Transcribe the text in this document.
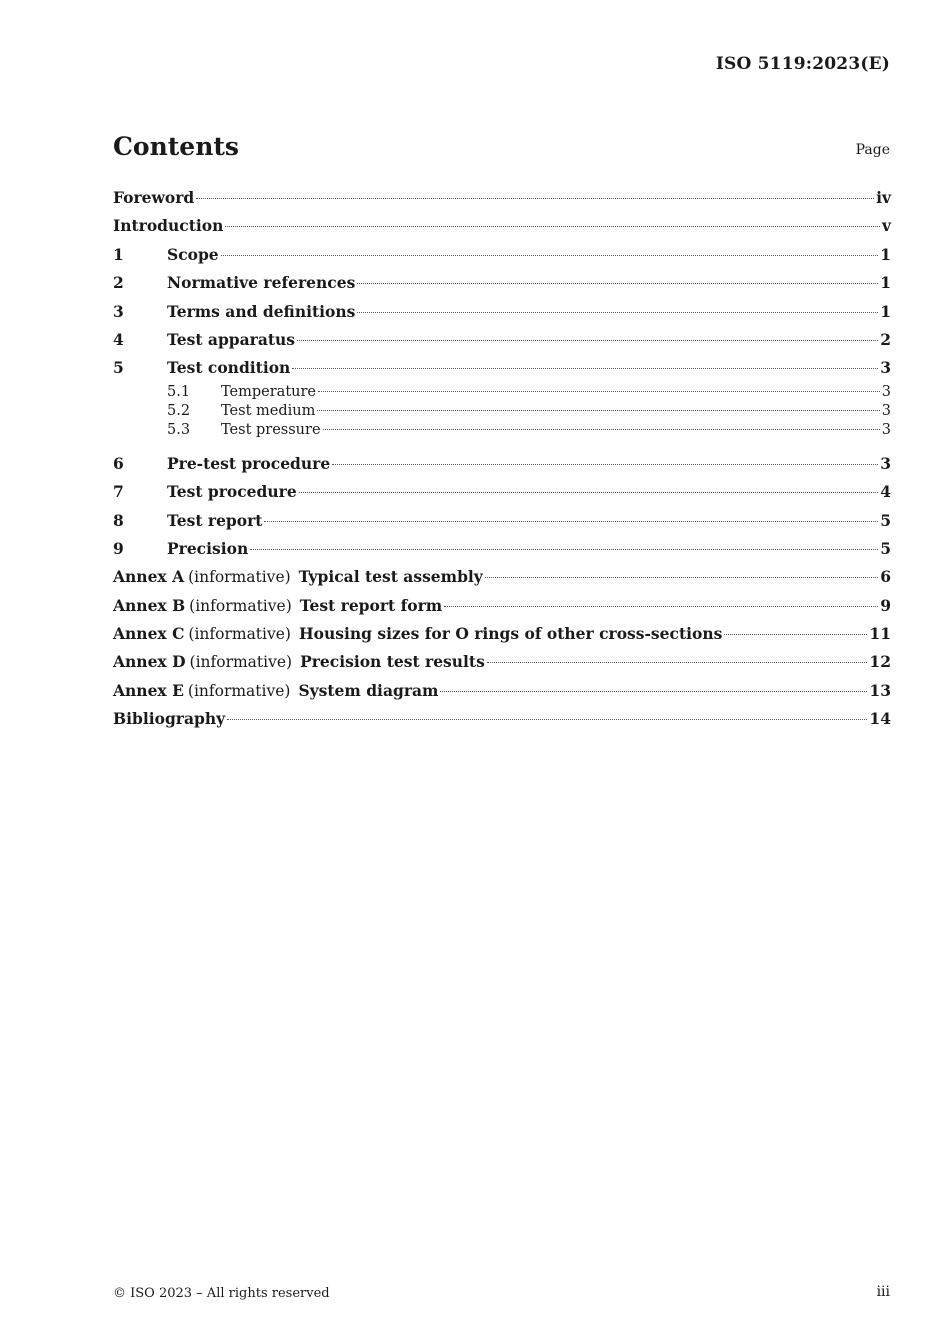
ISO 5119:2023(E)
Contents	Page
Foreword	iv
Introduction	v
1	Scope	1
2	Normative references	1
3	Terms and definitions	1
4	Test apparatus	2
5	Test condition	3
5.1	Temperature	3
5.2	Test medium	3
5.3	Test pressure	3
6	Pre-test procedure	3
7	Test procedure	4
8	Test report	5
9	Precision	5
Annex A (informative) Typical test assembly	6
Annex B (informative) Test report form	9
Annex C (informative) Housing sizes for O rings of other cross-sections	11
Annex D (informative) Precision test results	12
Annex E (informative) System diagram	13
Bibliography	14
© ISO 2023 – All rights reserved	iii
